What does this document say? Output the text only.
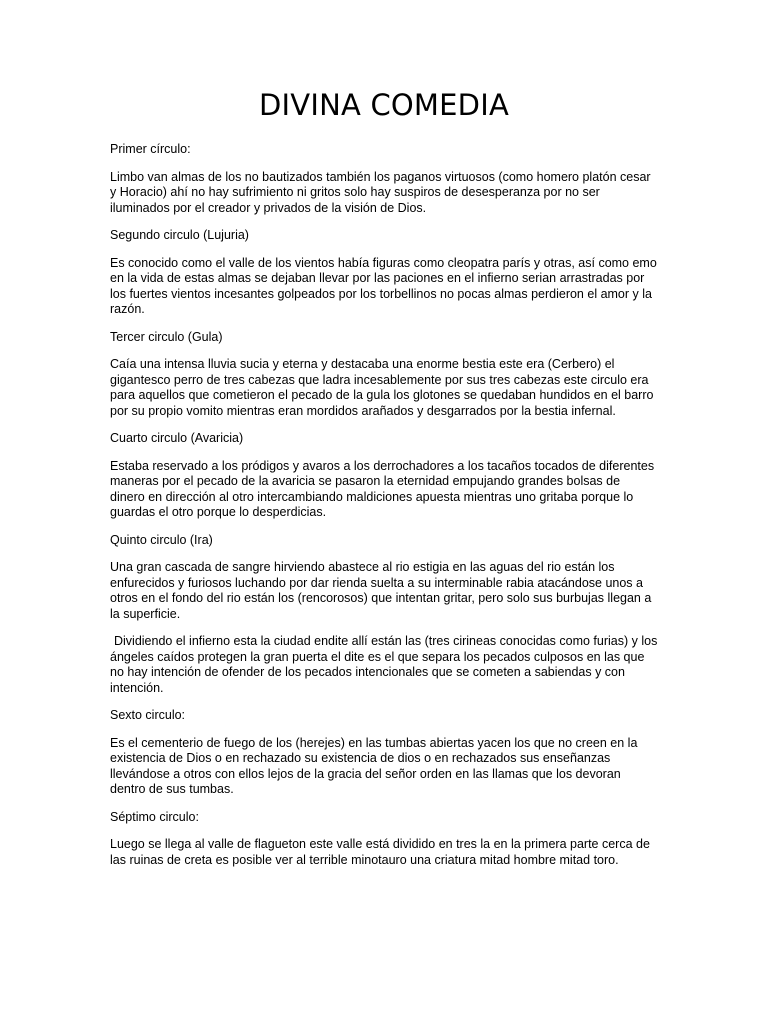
DIVINA COMEDIA

Primer círculo:

Limbo van almas de los no bautizados también los paganos virtuosos (como homero platón cesar y Horacio) ahí no hay sufrimiento ni gritos solo hay suspiros de desesperanza por no ser iluminados por el creador y privados de la visión de Dios.

Segundo circulo (Lujuria)

Es conocido como el valle de los vientos había figuras como cleopatra parís y otras, así como emo en la vida de estas almas se dejaban llevar por las paciones en el infierno serian arrastradas por los fuertes vientos incesantes golpeados por los torbellinos no pocas almas perdieron el amor y la razón.

Tercer circulo (Gula)

Caía una intensa lluvia sucia y eterna y destacaba una enorme bestia este era (Cerbero) el gigantesco perro de tres cabezas que ladra incesablemente por sus tres cabezas este circulo era para aquellos que cometieron el pecado de la gula los glotones se quedaban hundidos en el barro por su propio vomito mientras eran mordidos arañados y desgarrados por la bestia infernal.

Cuarto circulo (Avaricia)

Estaba reservado a los pródigos y avaros a los derrochadores a los tacaños tocados de diferentes maneras por el pecado de la avaricia se pasaron la eternidad empujando grandes bolsas de dinero en dirección al otro intercambiando maldiciones apuesta mientras uno gritaba porque lo guardas el otro porque lo desperdicias.

Quinto circulo (Ira)

Una gran cascada de sangre hirviendo abastece al rio estigia en las aguas del rio están los enfurecidos y furiosos luchando por dar rienda suelta a su interminable rabia atacándose unos a otros en el fondo del rio están los (rencorosos) que intentan gritar, pero solo sus burbujas llegan a la superficie.

Dividiendo el infierno esta la ciudad endite allí están las (tres cirineas conocidas como furias) y los ángeles caídos protegen la gran puerta el dite es el que separa los pecados culposos en las que no hay intención de ofender de los pecados intencionales que se cometen a sabiendas y con intención.

Sexto circulo:

Es el cementerio de fuego de los (herejes) en las tumbas abiertas yacen los que no creen en la existencia de Dios o en rechazado su existencia de dios o en rechazados sus enseñanzas llevándose a otros con ellos lejos de la gracia del señor orden en las llamas que los devoran dentro de sus tumbas.

Séptimo circulo:

Luego se llega al valle de flagueton este valle está dividido en tres la en la primera parte cerca de las ruinas de creta es posible ver al terrible minotauro una criatura mitad hombre mitad toro.
